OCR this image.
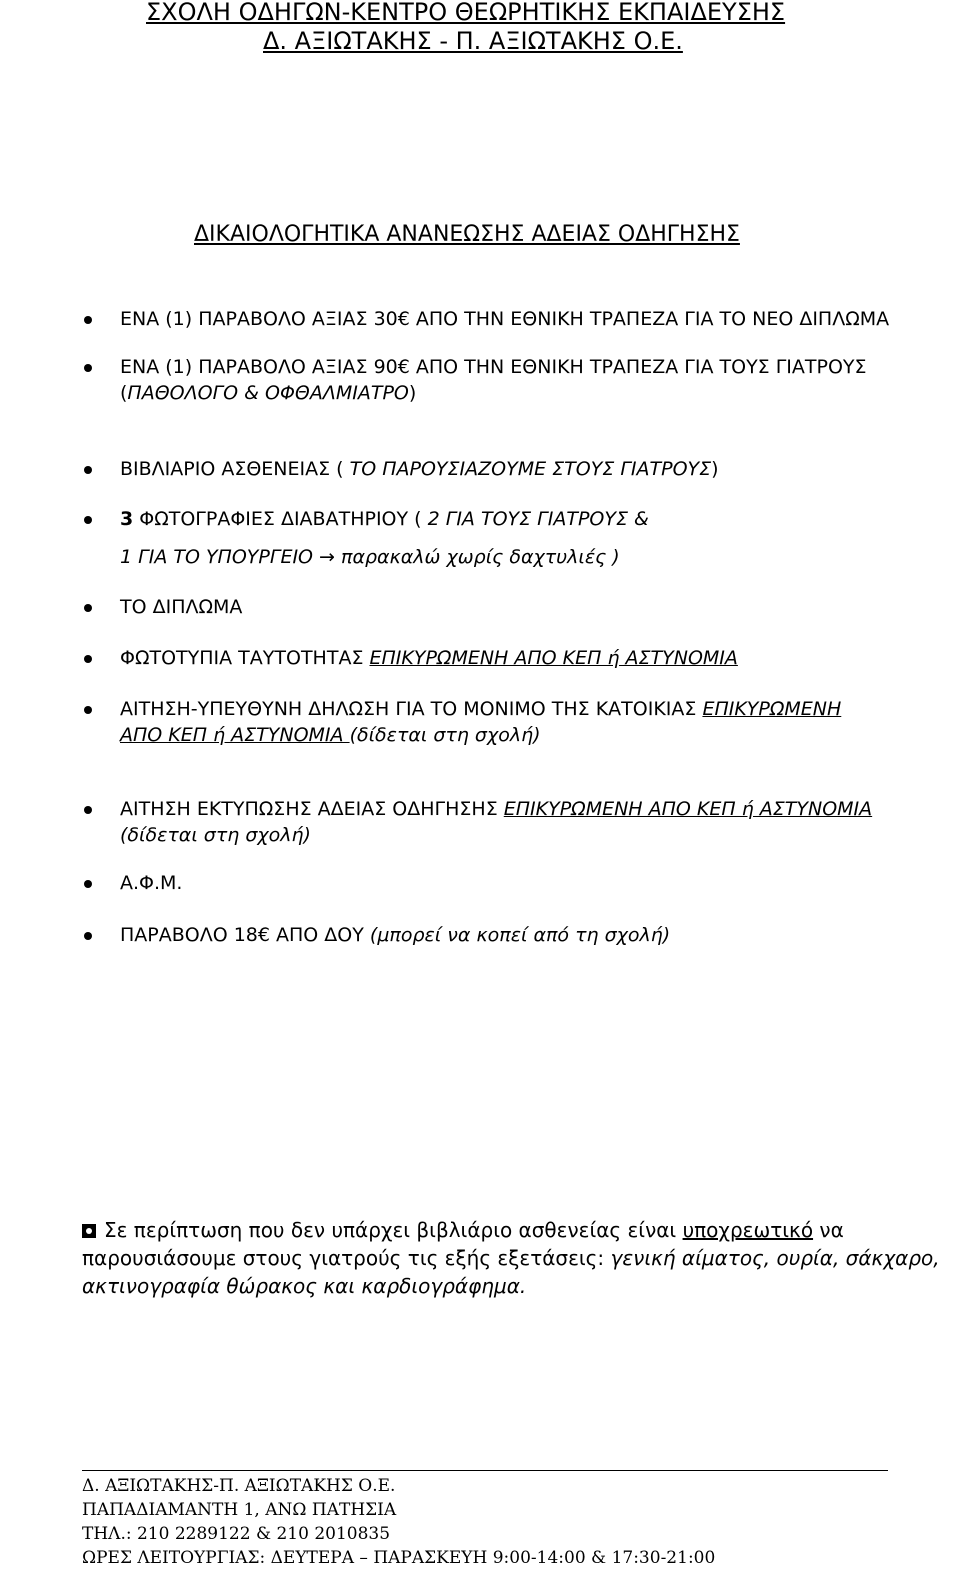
ΣΧΟΛΗ ΟΔΗΓΩΝ-ΚΕΝΤΡΟ ΘΕΩΡΗΤΙΚΗΣ ΕΚΠΑΙΔΕΥΣΗΣ
Δ. ΑΞΙΩΤΑΚΗΣ - Π. ΑΞΙΩΤΑΚΗΣ Ο.Ε.
ΔΙΚΑΙΟΛΟΓΗΤΙΚΑ ΑΝΑΝΕΩΣΗΣ ΑΔΕΙΑΣ ΟΔΗΓΗΣΗΣ
ΕΝΑ (1) ΠΑΡΑΒΟΛΟ ΑΞΙΑΣ 30€ ΑΠΟ ΤΗΝ ΕΘΝΙΚΗ ΤΡΑΠΕΖΑ ΓΙΑ ΤΟ ΝΕΟ ΔΙΠΛΩΜΑ
ΕΝΑ (1) ΠΑΡΑΒΟΛΟ ΑΞΙΑΣ 90€ ΑΠΟ ΤΗΝ ΕΘΝΙΚΗ ΤΡΑΠΕΖΑ ΓΙΑ ΤΟΥΣ ΓΙΑΤΡΟΥΣ
(ΠΑΘΟΛΟΓΟ & ΟΦΘΑΛΜΙΑΤΡΟ)
ΒΙΒΛΙΑΡΙΟ ΑΣΘΕΝΕΙΑΣ ( ΤΟ ΠΑΡΟΥΣΙΑΖΟΥΜΕ ΣΤΟΥΣ ΓΙΑΤΡΟΥΣ)
3 ΦΩΤΟΓΡΑΦΙΕΣ ΔΙΑΒΑΤΗΡΙΟΥ ( 2 ΓΙΑ ΤΟΥΣ ΓΙΑΤΡΟΥΣ &
1 ΓΙΑ ΤΟ ΥΠΟΥΡΓΕΙΟ → παρακαλώ χωρίς δαχτυλιές )
ΤΟ ΔΙΠΛΩΜΑ
ΦΩΤΟΤΥΠΙΑ ΤΑΥΤΟΤΗΤΑΣ ΕΠΙΚΥΡΩΜΕΝΗ ΑΠΟ ΚΕΠ ή ΑΣΤΥΝΟΜΙΑ
ΑΙΤΗΣΗ-ΥΠΕΥΘΥΝΗ ΔΗΛΩΣΗ ΓΙΑ ΤΟ ΜΟΝΙΜΟ ΤΗΣ ΚΑΤΟΙΚΙΑΣ ΕΠΙΚΥΡΩΜΕΝΗ
ΑΠΟ ΚΕΠ ή ΑΣΤΥΝΟΜΙΑ (δίδεται στη σχολή)
ΑΙΤΗΣΗ ΕΚΤΥΠΩΣΗΣ ΑΔΕΙΑΣ ΟΔΗΓΗΣΗΣ ΕΠΙΚΥΡΩΜΕΝΗ ΑΠΟ ΚΕΠ ή ΑΣΤΥΝΟΜΙΑ
(δίδεται στη σχολή)
Α.Φ.Μ.
ΠΑΡΑΒΟΛΟ 18€ ΑΠΟ ΔΟΥ (μπορεί να κοπεί από τη σχολή)
Σε περίπτωση που δεν υπάρχει βιβλιάριο ασθενείας είναι υποχρεωτικό να παρουσιάσουμε στους γιατρούς τις εξής εξετάσεις: γενική αίματος, ουρία, σάκχαρο, ακτινογραφία θώρακος και καρδιογράφημα.
Δ. ΑΞΙΩΤΑΚΗΣ-Π. ΑΞΙΩΤΑΚΗΣ Ο.Ε.
ΠΑΠΑΔΙΑΜΑΝΤΗ 1, ΑΝΩ ΠΑΤΗΣΙΑ
ΤΗΛ.: 210 2289122 & 210 2010835
ΩΡΕΣ ΛΕΙΤΟΥΡΓΙΑΣ: ΔΕΥΤΕΡΑ – ΠΑΡΑΣΚΕΥΗ 9:00-14:00 & 17:30-21:00
